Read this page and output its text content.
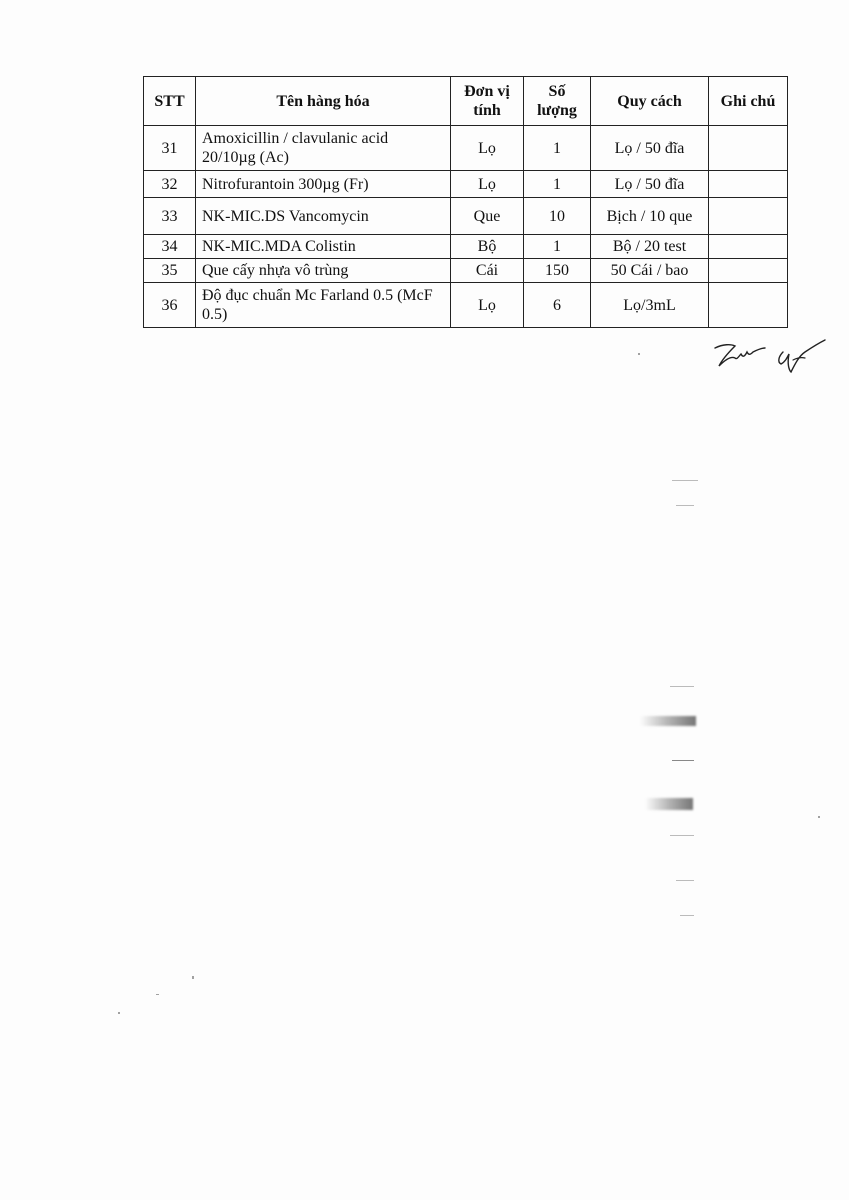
STT	Tên hàng hóa	Đơn vị tính	Số lượng	Quy cách	Ghi chú
31	Amoxicillin / clavulanic acid 20/10µg (Ac)	Lọ	1	Lọ / 50 đĩa	
32	Nitrofurantoin 300µg (Fr)	Lọ	1	Lọ / 50 đĩa	
33	NK-MIC.DS Vancomycin	Que	10	Bịch / 10 que	
34	NK-MIC.MDA Colistin	Bộ	1	Bộ / 20 test	
35	Que cấy nhựa vô trùng	Cái	150	50 Cái / bao	
36	Độ đục chuẩn Mc Farland 0.5 (McF 0.5)	Lọ	6	Lọ/3mL	
